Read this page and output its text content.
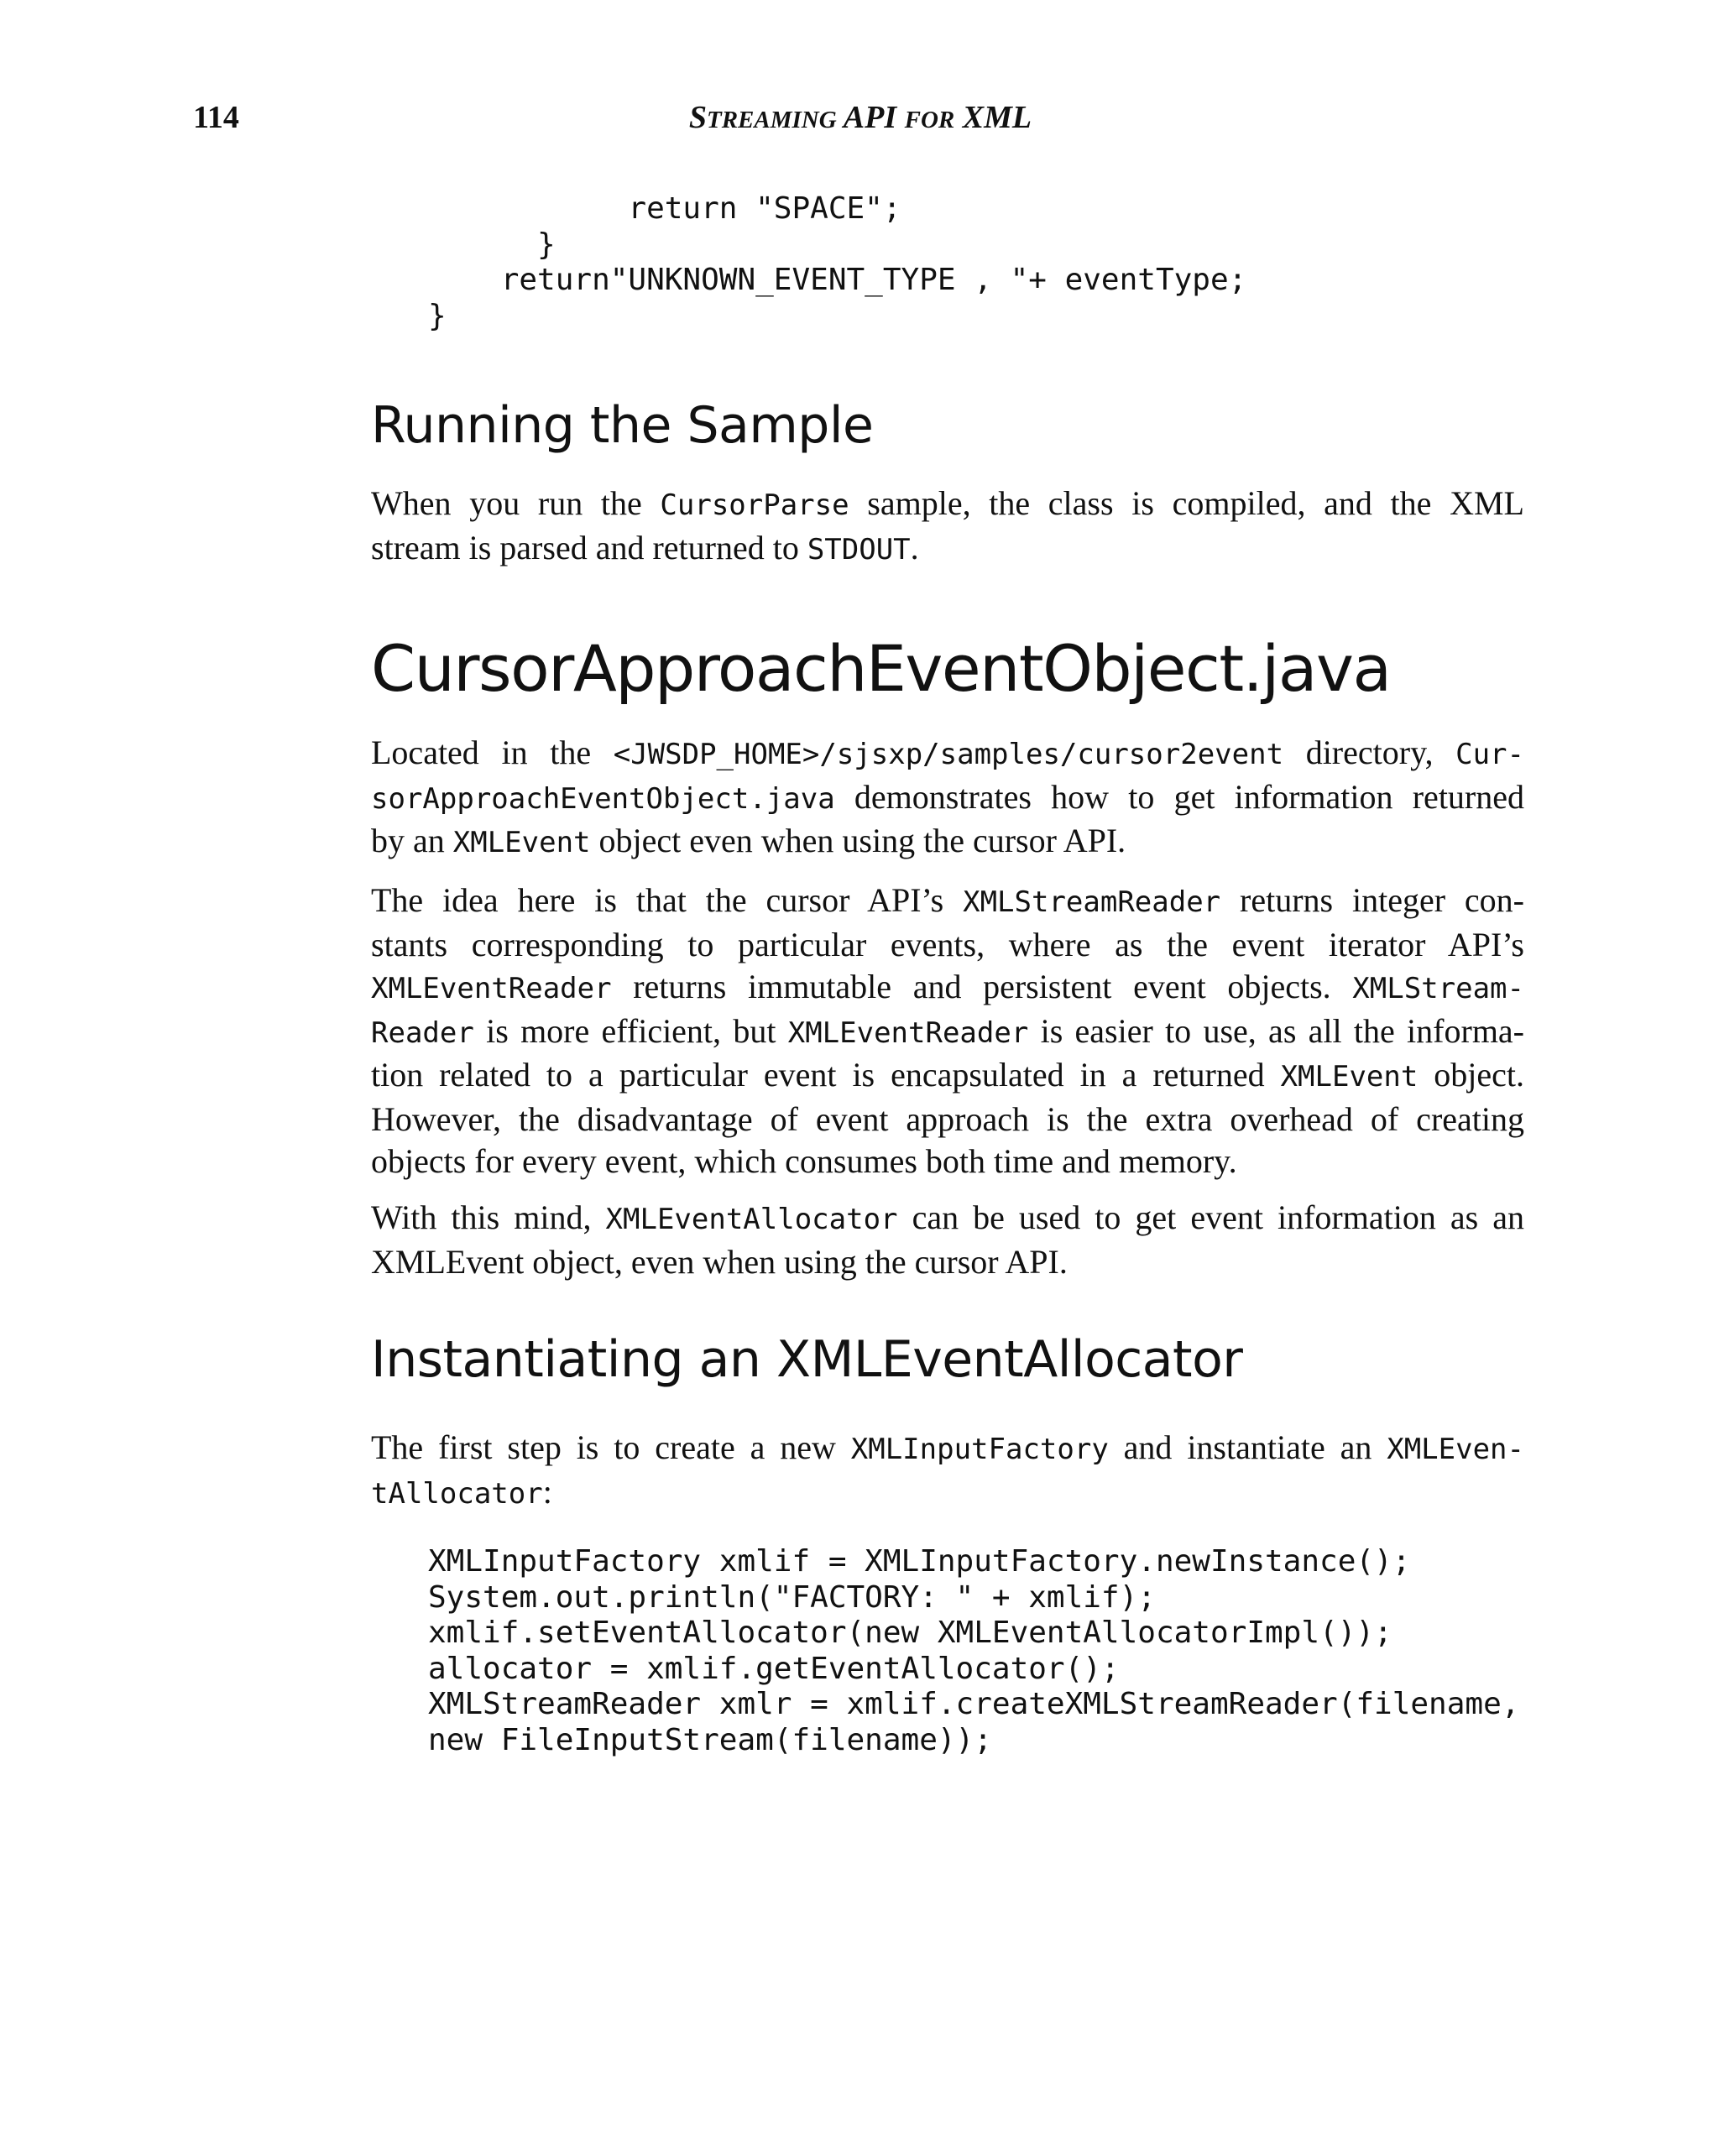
114	STREAMING API FOR XML
return "SPACE";
}
return"UNKNOWN_EVENT_TYPE , "+ eventType;
}
Running the Sample

When you run the CursorParse sample, the class is compiled, and the XML
stream is parsed and returned to STDOUT.

CursorApproachEventObject.java

Located in the <JWSDP_HOME>/sjsxp/samples/cursor2event directory, Cur-
sorApproachEventObject.java demonstrates how to get information returned
by an XMLEvent object even when using the cursor API.

The idea here is that the cursor API’s XMLStreamReader returns integer con-
stants corresponding to particular events, where as the event iterator API’s
XMLEventReader returns immutable and persistent event objects. XMLStream-
Reader is more efficient, but XMLEventReader is easier to use, as all the informa-
tion related to a particular event is encapsulated in a returned XMLEvent object.
However, the disadvantage of event approach is the extra overhead of creating
objects for every event, which consumes both time and memory.

With this mind, XMLEventAllocator can be used to get event information as an
XMLEvent object, even when using the cursor API.

Instantiating an XMLEventAllocator

The first step is to create a new XMLInputFactory and instantiate an XMLEven-
tAllocator:

XMLInputFactory xmlif = XMLInputFactory.newInstance();
System.out.println("FACTORY: " + xmlif);
xmlif.setEventAllocator(new XMLEventAllocatorImpl());
allocator = xmlif.getEventAllocator();
XMLStreamReader xmlr = xmlif.createXMLStreamReader(filename,
new FileInputStream(filename));
